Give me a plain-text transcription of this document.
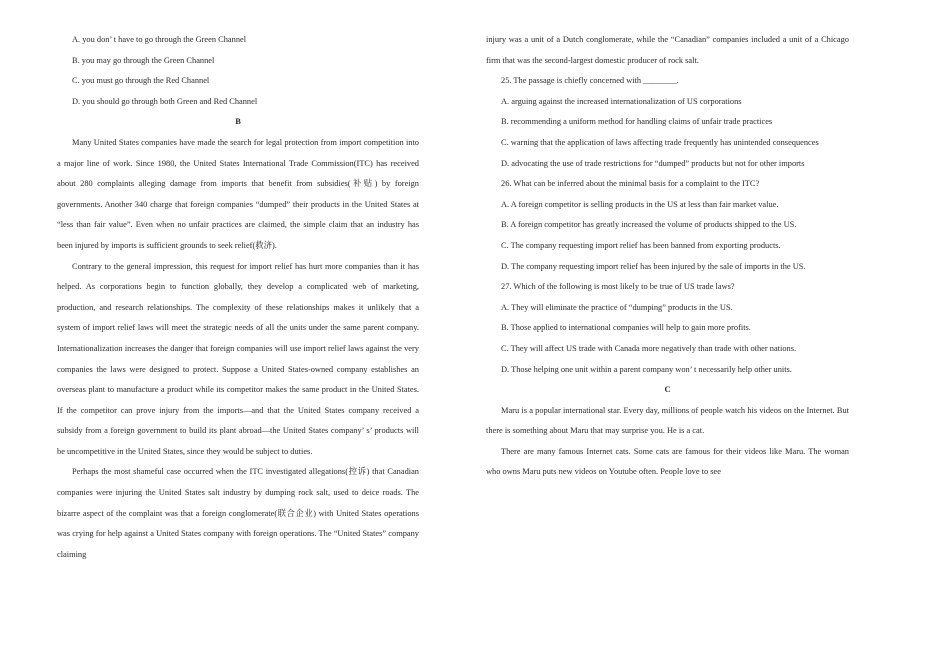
A. you don’ t have to go through the Green Channel

B. you may go through the Green Channel

C. you must go through the Red Channel

D. you should go through both Green and Red Channel

B

Many United States companies have made the search for legal protection from import competition into a major line of work. Since 1980, the United States International Trade Commission(ITC) has received about 280 complaints alleging damage from imports that benefit from subsidies(补贴) by foreign governments. Another 340 charge that foreign companies “dumped” their products in the United States at “less than fair value”. Even when no unfair practices are claimed, the simple claim that an industry has been injured by imports is sufficient grounds to seek relief(救济).

Contrary to the general impression, this request for import relief has hurt more companies than it has helped. As corporations begin to function globally, they develop a complicated web of marketing, production, and research relationships. The complexity of these relationships makes it unlikely that a system of import relief laws will meet the strategic needs of all the units under the same parent company. Internationalization increases the danger that foreign companies will use import relief laws against the very companies the laws were designed to protect. Suppose a United States-owned company establishes an overseas plant to manufacture a product while its competitor makes the same product in the United States. If the competitor can prove injury from the imports—and that the United States company received a subsidy from a foreign government to build its plant abroad—the United States company’ s’ products will be uncompetitive in the United States, since they would be subject to duties.

Perhaps the most shameful case occurred when the ITC investigated allegations(控诉) that Canadian companies were injuring the United States salt industry by dumping rock salt, used to deice roads. The bizarre aspect of the complaint was that a foreign conglomerate(联合企业) with United States operations was crying for help against a United States company with foreign operations. The “United States” company claiming

injury was a unit of a Dutch conglomerate, while the “Canadian” companies included a unit of a Chicago firm that was the second-largest domestic producer of rock salt.

25. The passage is chiefly concerned with ________.

A. arguing against the increased internationalization of US corporations

B. recommending a uniform method for handling claims of unfair trade practices

C. warning that the application of laws affecting trade frequently has unintended consequences

D. advocating the use of trade restrictions for “dumped” products but not for other imports

26. What can be inferred about the minimal basis for a complaint to the ITC?

A. A foreign competitor is selling products in the US at less than fair market value.

B. A foreign competitor has greatly increased the volume of products shipped to the US.

C. The company requesting import relief has been banned from exporting products.

D. The company requesting import relief has been injured by the sale of imports in the US.

27. Which of the following is most likely to be true of US trade laws?

A. They will eliminate the practice of “dumping” products in the US.

B. Those applied to international companies will help to gain more profits.

C. They will affect US trade with Canada more negatively than trade with other nations.

D. Those helping one unit within a parent company won’ t necessarily help other units.

C

Maru is a popular international star. Every day, millions of people watch his videos on the Internet. But there is something about Maru that may surprise you. He is a cat.

There are many famous Internet cats. Some cats are famous for their videos like Maru. The woman who owns Maru puts new videos on Youtube often. People love to see
